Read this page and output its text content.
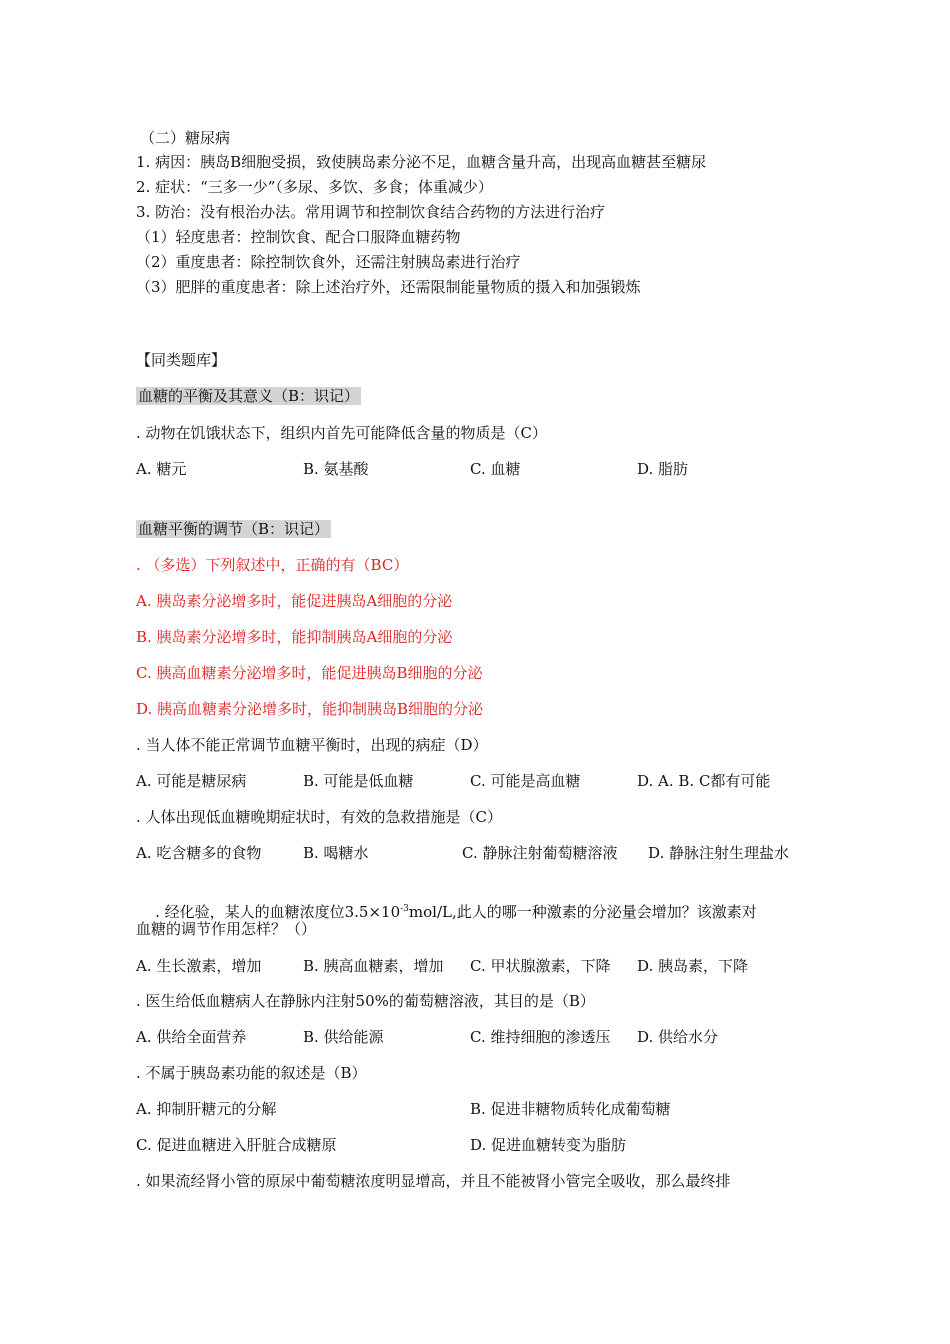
（二）糖尿病
1. 病因：胰岛B细胞受损，致使胰岛素分泌不足，血糖含量升高，出现高血糖甚至糖尿
2. 症状：“三多一少”（多尿、多饮、多食；体重减少）
3. 防治：没有根治办法。常用调节和控制饮食结合药物的方法进行治疗
（1）轻度患者：控制饮食、配合口服降血糖药物
（2）重度患者：除控制饮食外，还需注射胰岛素进行治疗
（3）肥胖的重度患者：除上述治疗外，还需限制能量物质的摄入和加强锻炼
【同类题库】
血糖的平衡及其意义（B：识记）
. 动物在饥饿状态下，组织内首先可能降低含量的物质是（C）
A. 糖元	B. 氨基酸	C. 血糖	D. 脂肪
血糖平衡的调节（B：识记）
. （多选）下列叙述中，正确的有（BC）
A. 胰岛素分泌增多时，能促进胰岛A细胞的分泌
B. 胰岛素分泌增多时，能抑制胰岛A细胞的分泌
C. 胰高血糖素分泌增多时，能促进胰岛B细胞的分泌
D. 胰高血糖素分泌增多时，能抑制胰岛B细胞的分泌
. 当人体不能正常调节血糖平衡时，出现的病症（D）
A. 可能是糖尿病	B. 可能是低血糖	C. 可能是高血糖	D. A. B. C都有可能
. 人体出现低血糖晚期症状时，有效的急救措施是（C）
A. 吃含糖多的食物	B. 喝糖水	C. 静脉注射葡萄糖溶液 D. 静脉注射生理盐水

. 经化验，某人的血糖浓度位$3.5\times 10^{-3}mol/L$,此人的哪一种激素的分泌量会增加？该激素对

血糖的调节作用怎样？（）
A. 生长激素，增加	B. 胰高血糖素，增加 C. 甲状腺激素，下降 D. 胰岛素，下降
. 医生给低血糖病人在静脉内注射50%的葡萄糖溶液，其目的是（B）
A. 供给全面营养	B. 供给能源	C. 维持细胞的渗透压 D. 供给水分
. 不属于胰岛素功能的叙述是（B）
A. 抑制肝糖元的分解	B. 促进非糖物质转化成葡萄糖
C. 促进血糖进入肝脏合成糖原	D. 促进血糖转变为脂肪
. 如果流经肾小管的原尿中葡萄糖浓度明显增高，并且不能被肾小管完全吸收，那么最终排
